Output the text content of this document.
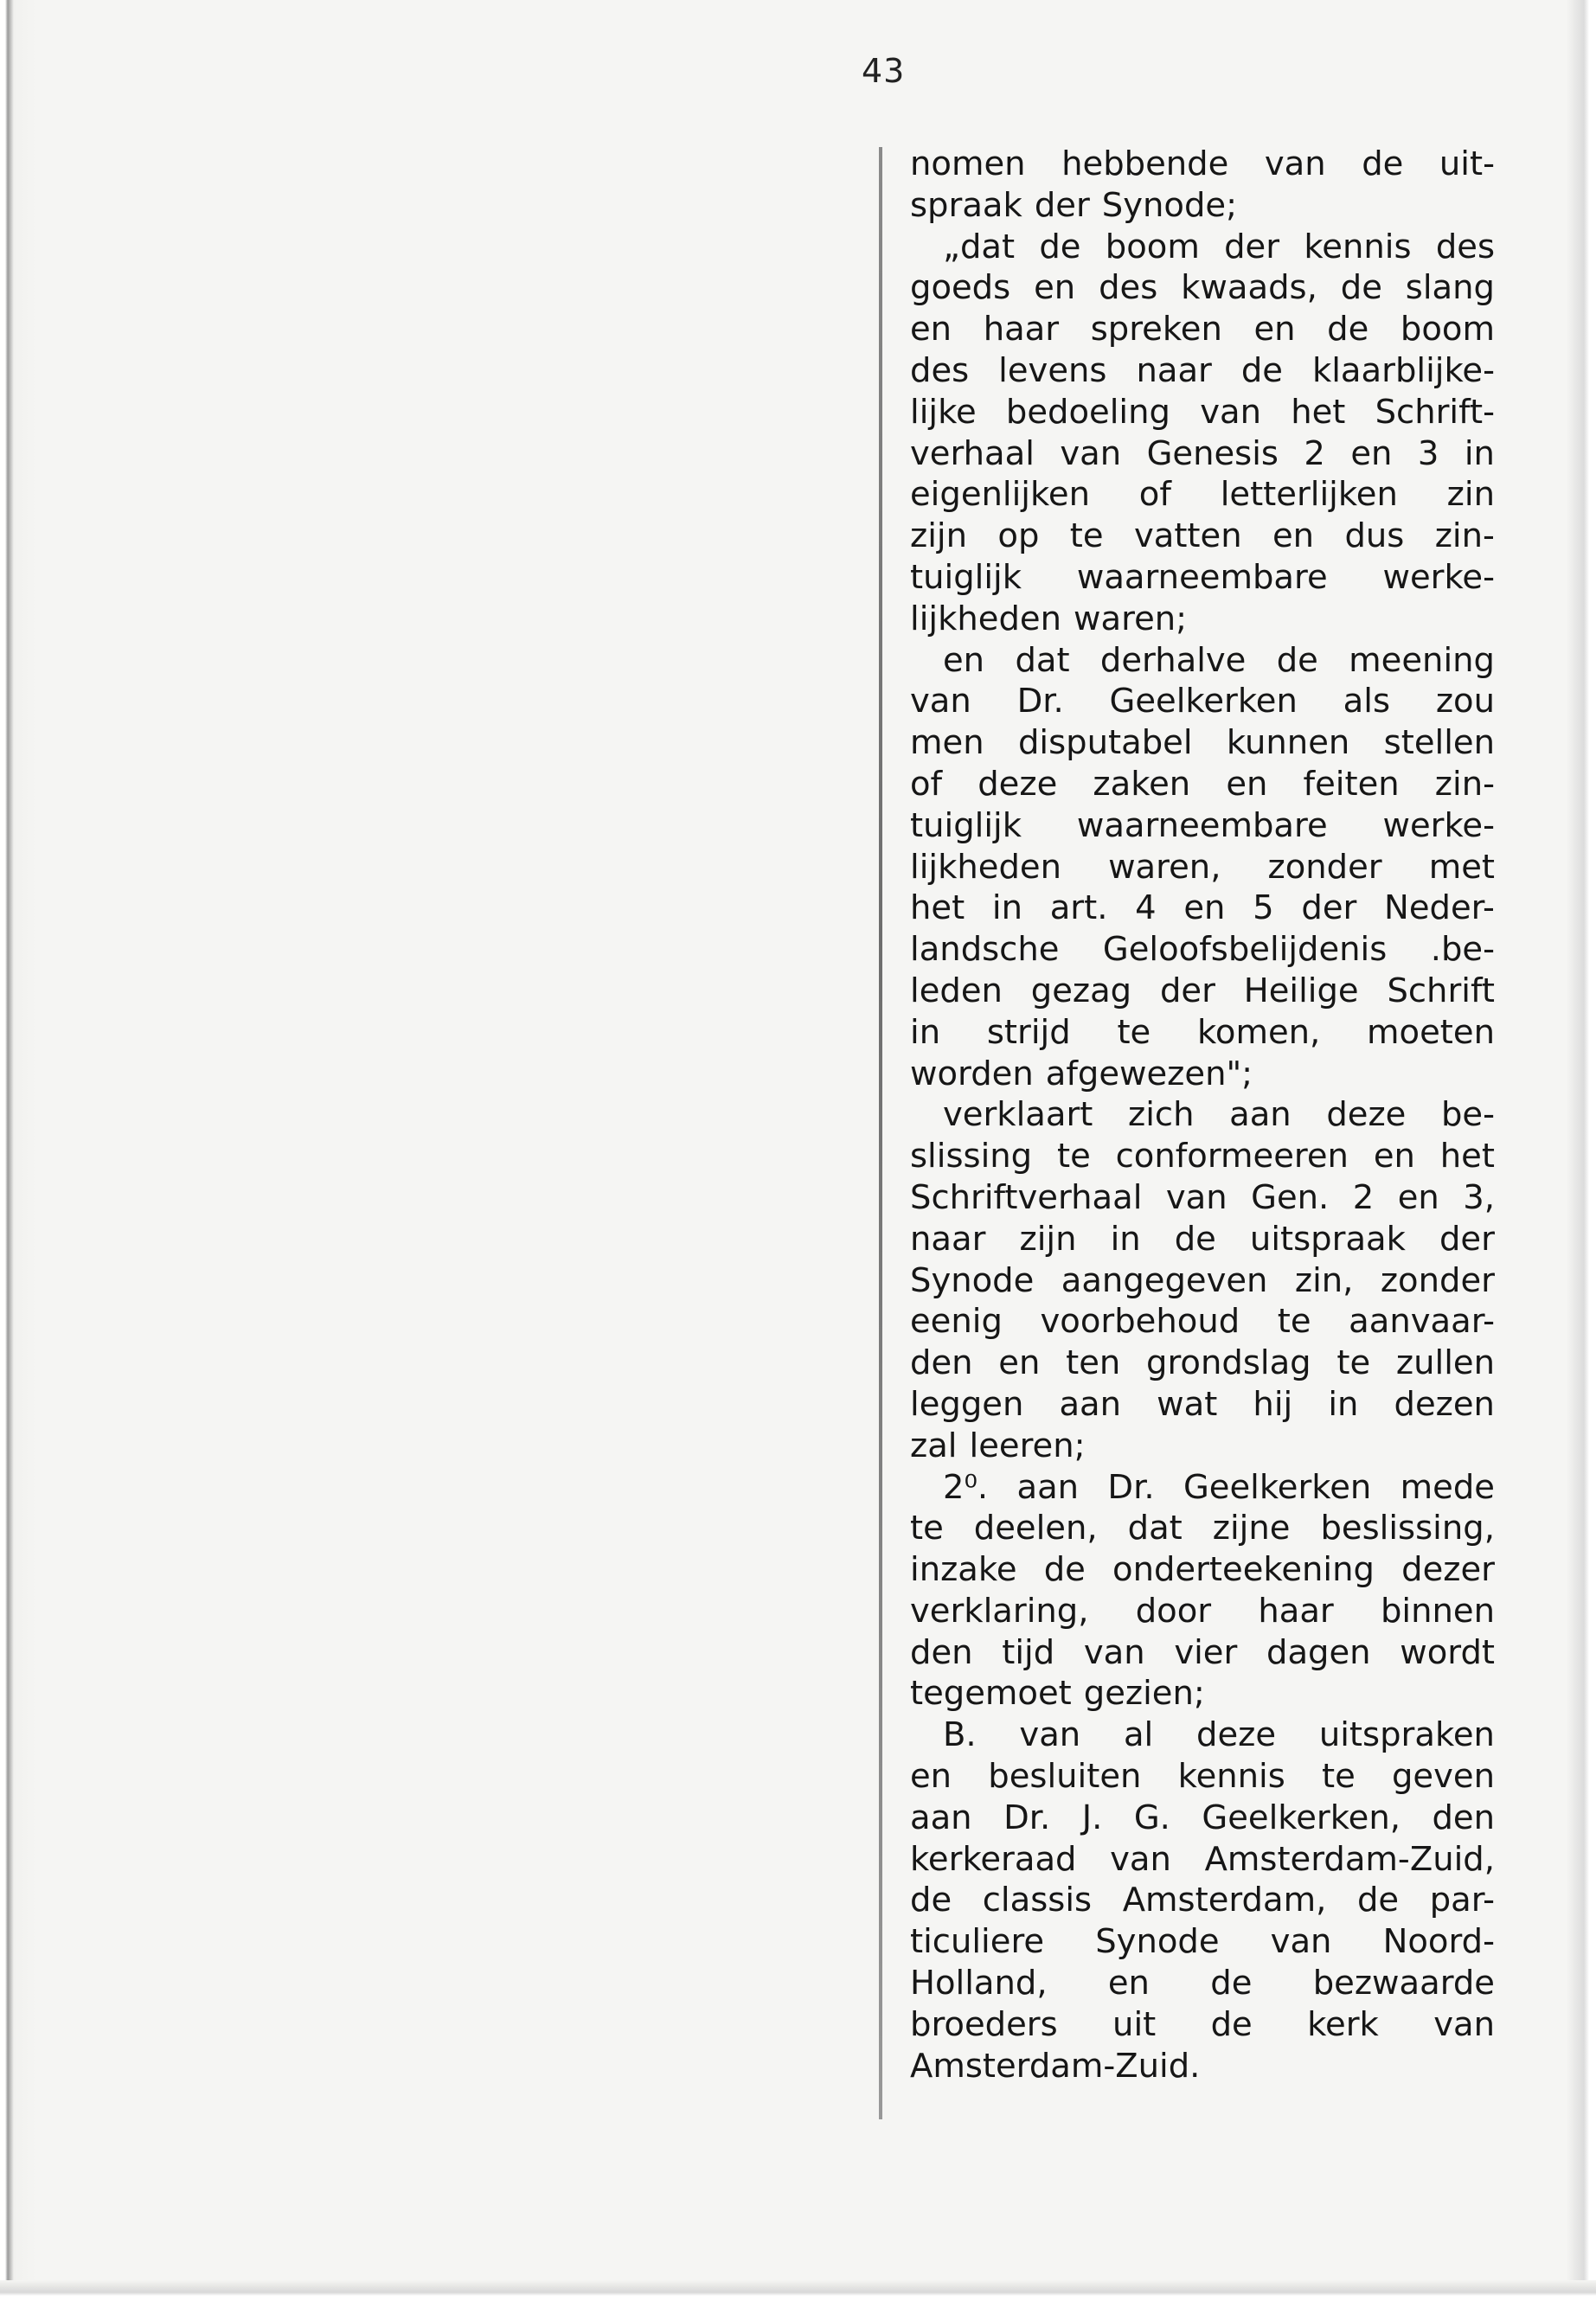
43
nomen hebbende van de uit-
spraak der Synode;
„dat de boom der kennis des
goeds en des kwaads, de slang
en haar spreken en de boom
des levens naar de klaarblijke-
lijke bedoeling van het Schrift-
verhaal van Genesis 2 en 3 in
eigenlijken of letterlijken zin
zijn op te vatten en dus zin-
tuiglijk waarneembare werke-
lijkheden waren;
en dat derhalve de meening
van Dr. Geelkerken als zou
men disputabel kunnen stellen
of deze zaken en feiten zin-
tuiglijk waarneembare werke-
lijkheden waren, zonder met
het in art. 4 en 5 der Neder-
landsche Geloofsbelijdenis .be-
leden gezag der Heilige Schrift
in strijd te komen, moeten
worden afgewezen";
verklaart zich aan deze be-
slissing te conformeeren en het
Schriftverhaal van Gen. 2 en 3,
naar zijn in de uitspraak der
Synode aangegeven zin, zonder
eenig voorbehoud te aanvaar-
den en ten grondslag te zullen
leggen aan wat hij in dezen
zal leeren;
2⁰. aan Dr. Geelkerken mede
te deelen, dat zijne beslissing,
inzake de onderteekening dezer
verklaring, door haar binnen
den tijd van vier dagen wordt
tegemoet gezien;
B. van al deze uitspraken
en besluiten kennis te geven
aan Dr. J. G. Geelkerken, den
kerkeraad van Amsterdam-Zuid,
de classis Amsterdam, de par-
ticuliere Synode van Noord-
Holland, en de bezwaarde
broeders uit de kerk van
Amsterdam-Zuid.
